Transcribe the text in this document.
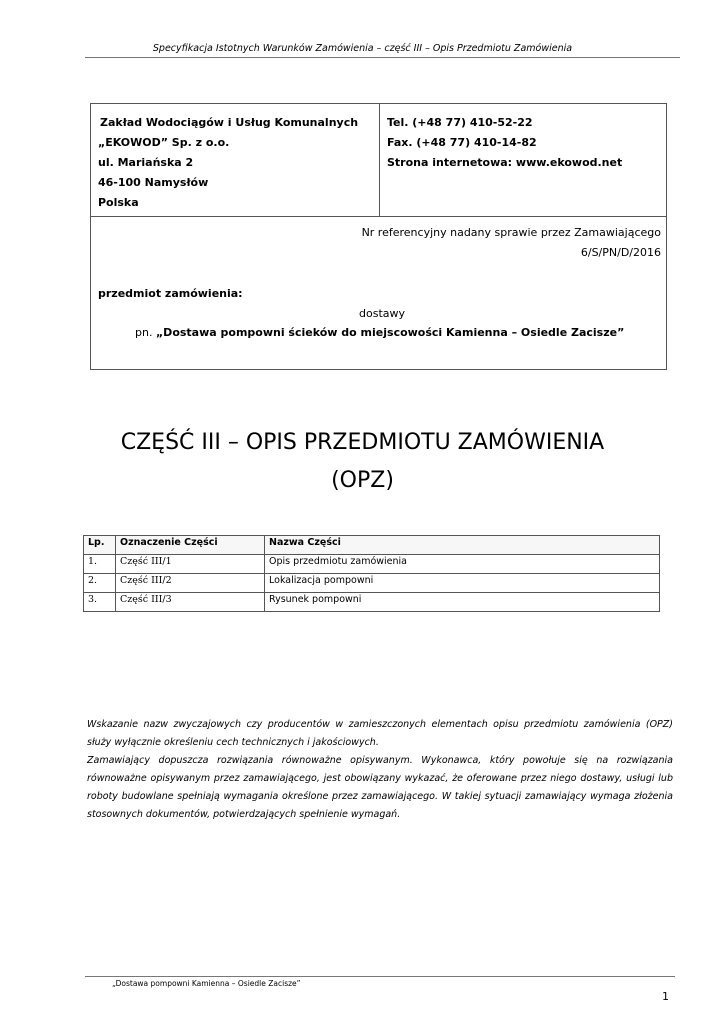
Specyfikacja Istotnych Warunków Zamówienia – część III – Opis Przedmiotu Zamówienia
Zakład Wodociągów i Usług Komunalnych
„EKOWOD” Sp. z o.o.
ul. Mariańska 2
46-100 Namysłów
Polska
Tel. (+48 77) 410-52-22
Fax. (+48 77) 410-14-82
Strona internetowa: www.ekowod.net
Nr referencyjny nadany sprawie przez Zamawiającego
6/S/PN/D/2016
przedmiot zamówienia:
dostawy
pn. „Dostawa pompowni ścieków do miejscowości Kamienna – Osiedle Zacisze”
CZĘŚĆ III – OPIS PRZEDMIOTU ZAMÓWIENIA
(OPZ)
Lp.	Oznaczenie Części	Nazwa Części
1.	Część III/1	Opis przedmiotu zamówienia
2.	Część III/2	Lokalizacja pompowni
3.	Część III/3	Rysunek pompowni

Wskazanie nazw zwyczajowych czy producentów w zamieszczonych elementach opisu przedmiotu zamówienia (OPZ) służy wyłącznie określeniu cech technicznych i jakościowych.

Zamawiający dopuszcza rozwiązania równoważne opisywanym. Wykonawca, który powołuje się na rozwiązania równoważne opisywanym przez zamawiającego, jest obowiązany wykazać, że oferowane przez niego dostawy, usługi lub roboty budowlane spełniają wymagania określone przez zamawiającego. W takiej sytuacji zamawiający wymaga złożenia stosownych dokumentów, potwierdzających spełnienie wymagań.

„Dostawa pompowni Kamienna – Osiedle Zacisze”
1
